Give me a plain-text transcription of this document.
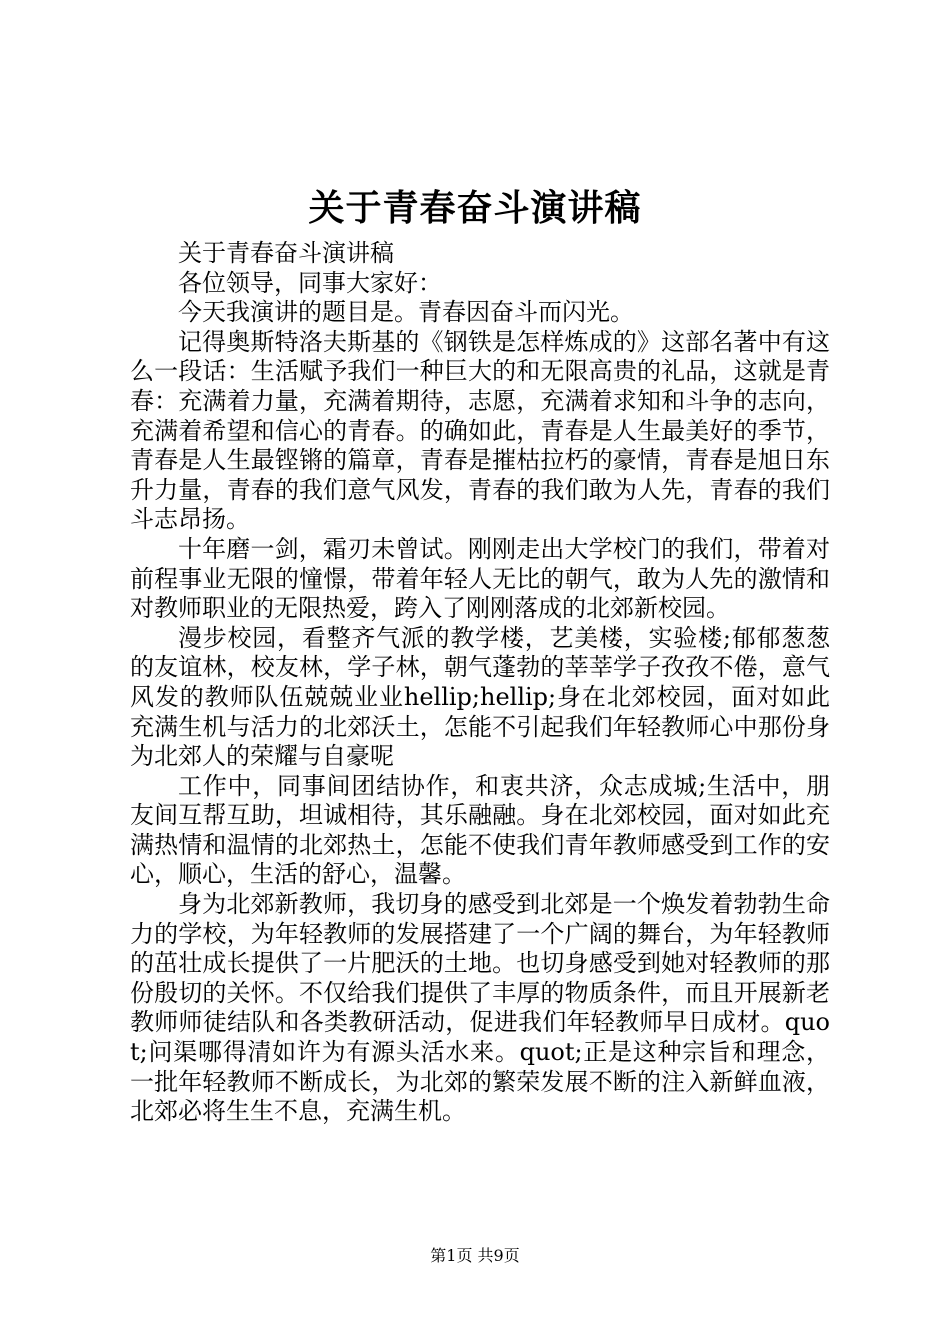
关于青春奋斗演讲稿

关于青春奋斗演讲稿

各位领导，同事大家好：

今天我演讲的题目是。青春因奋斗而闪光。

记得奥斯特洛夫斯基的《钢铁是怎样炼成的》这部名著中有这么一段话：生活赋予我们一种巨大的和无限高贵的礼品，这就是青春：充满着力量，充满着期待，志愿，充满着求知和斗争的志向，充满着希望和信心的青春。的确如此，青春是人生最美好的季节，青春是人生最铿锵的篇章，青春是摧枯拉朽的豪情，青春是旭日东升力量，青春的我们意气风发，青春的我们敢为人先，青春的我们斗志昂扬。

十年磨一剑，霜刃未曾试。刚刚走出大学校门的我们，带着对前程事业无限的憧憬，带着年轻人无比的朝气，敢为人先的激情和对教师职业的无限热爱，跨入了刚刚落成的北郊新校园。

漫步校园，看整齐气派的教学楼，艺美楼，实验楼;郁郁葱葱的友谊林，校友林，学子林，朝气蓬勃的莘莘学子孜孜不倦，意气风发的教师队伍兢兢业业hellip;hellip;身在北郊校园，面对如此充满生机与活力的北郊沃土，怎能不引起我们年轻教师心中那份身为北郊人的荣耀与自豪呢

工作中，同事间团结协作，和衷共济，众志成城;生活中，朋友间互帮互助，坦诚相待，其乐融融。身在北郊校园，面对如此充满热情和温情的北郊热土，怎能不使我们青年教师感受到工作的安心，顺心，生活的舒心，温馨。

身为北郊新教师，我切身的感受到北郊是一个焕发着勃勃生命力的学校，为年轻教师的发展搭建了一个广阔的舞台，为年轻教师的茁壮成长提供了一片肥沃的土地。也切身感受到她对轻教师的那份殷切的关怀。不仅给我们提供了丰厚的物质条件，而且开展新老教师师徒结队和各类教研活动，促进我们年轻教师早日成材。quot;问渠哪得清如许为有源头活水来。quot;正是这种宗旨和理念，一批年轻教师不断成长，为北郊的繁荣发展不断的注入新鲜血液，北郊必将生生不息，充满生机。

第1页 共9页
